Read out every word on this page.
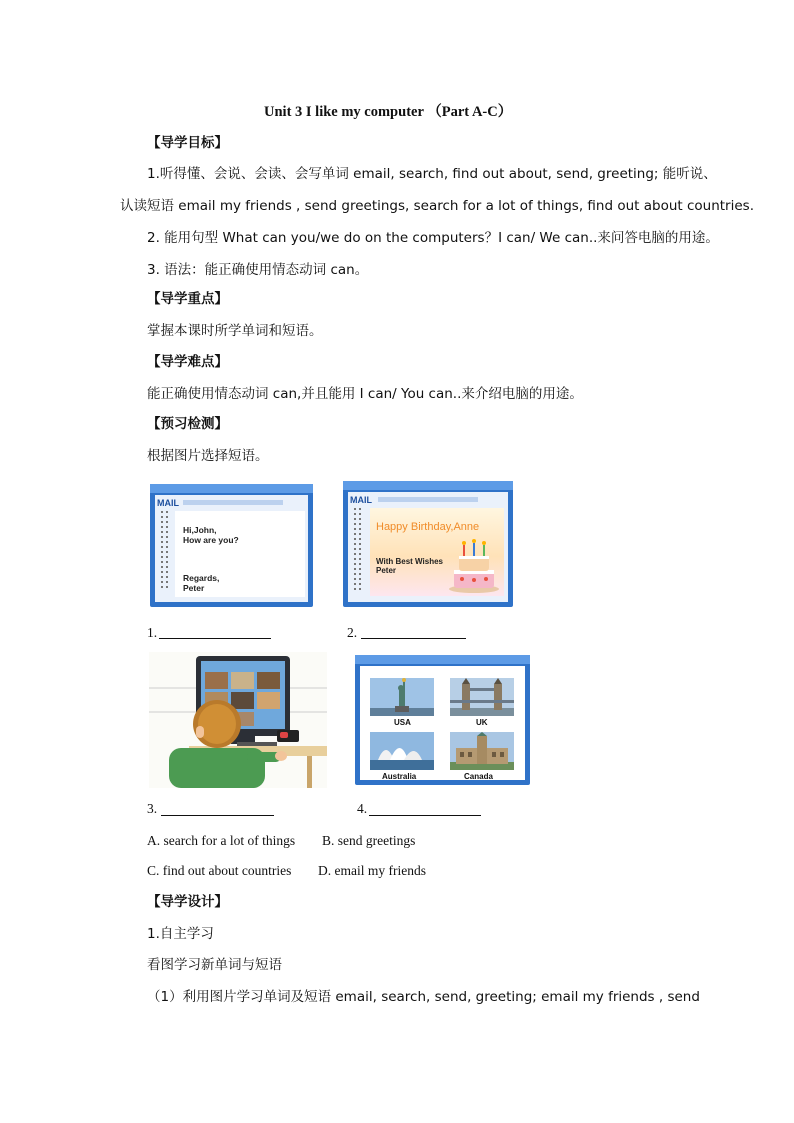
Unit 3 I like my computer （Part A-C）
【导学目标】
1.听得懂、会说、会读、会写单词 email, search, find out about, send, greeting; 能听说、
认读短语 email my friends , send greetings, search for a lot of things, find out about countries.
2. 能用句型 What can you/we do on the computers？I can/ We can..来问答电脑的用途。
3. 语法：能正确使用情态动词 can。
【导学重点】
掌握本课时所学单词和短语。
【导学难点】
能正确使用情态动词 can,并且能用 I can/ You can..来介绍电脑的用途。
【预习检测】
根据图片选择短语。
MAIL
Hi,John,
How are you?
Regards,
Peter
MAIL
Happy Birthday,Anne
With Best Wishes
Peter
1.	2.
USA	UK
Australia	Canada
3.	4.
A. search for a lot of things B. send greetings
C. find out about countries D. email my friends
【导学设计】
1.自主学习
看图学习新单词与短语
（1）利用图片学习单词及短语 email, search, send, greeting; email my friends , send
